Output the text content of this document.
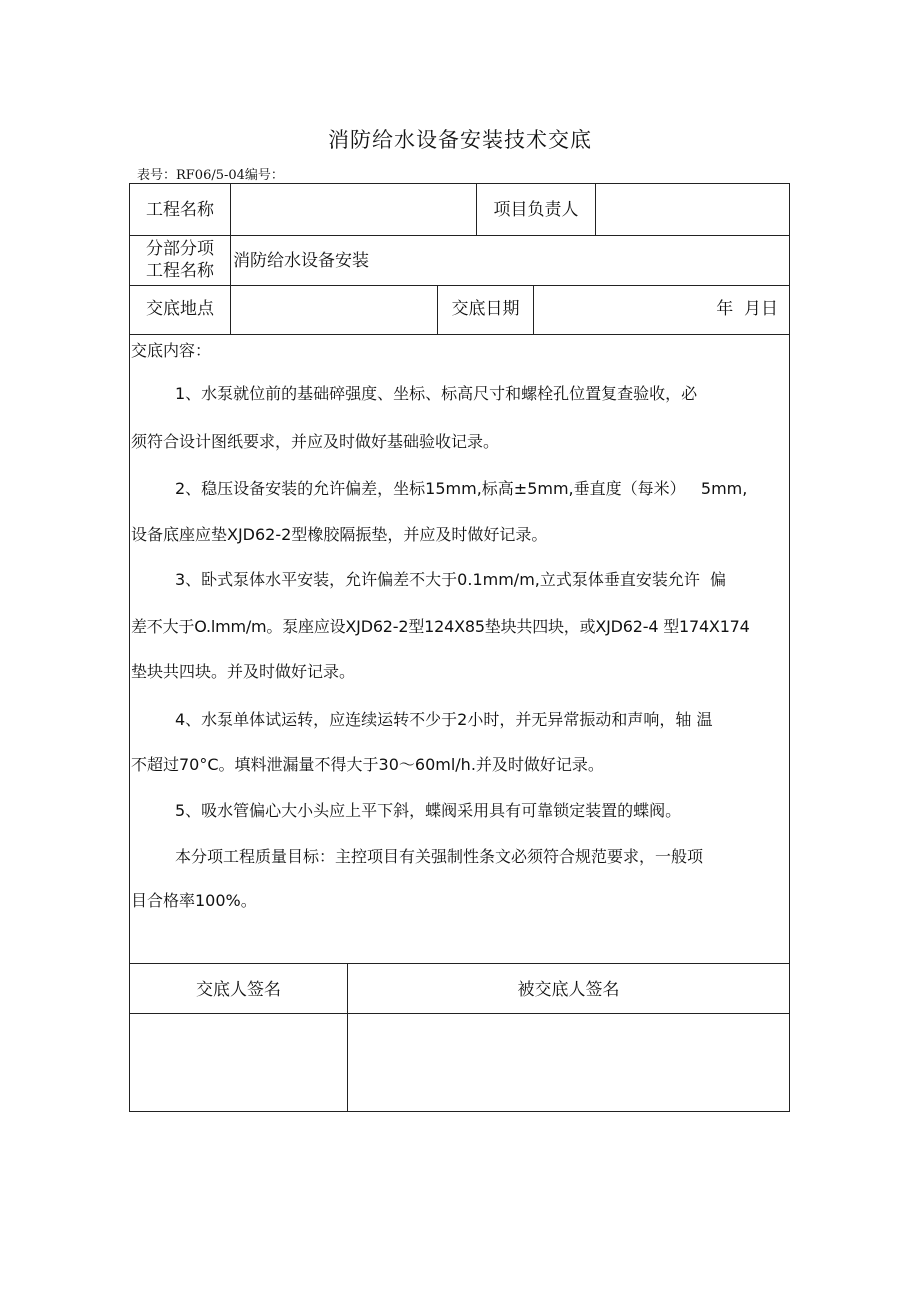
消防给水设备安装技术交底
表号：RF06/5-04编号：
工程名称	项目负责人
分部分项
工程名称	消防给水设备安装
交底地点	交底日期	年  月日
交底内容：
1、水泵就位前的基础碎强度、坐标、标高尺寸和螺栓孔位置复查验收，必
须符合设计图纸要求，并应及时做好基础验收记录。
2、稳压设备安装的允许偏差，坐标15mm,标高±5mm,垂直度（每米）   5mm,
设备底座应垫XJD62-2型橡胶隔振垫，并应及时做好记录。
3、卧式泵体水平安装，允许偏差不大于0.1mm/m,立式泵体垂直安装允许  偏
差不大于O.lmm/m。泵座应设XJD62-2型124X85垫块共四块，或XJD62-4 型174X174
垫块共四块。并及时做好记录。
4、水泵单体试运转，应连续运转不少于2小时，并无异常振动和声响，轴 温
不超过70°C。填料泄漏量不得大于30～60ml/h.并及时做好记录。
5、吸水管偏心大小头应上平下斜，蝶阀采用具有可靠锁定装置的蝶阀。
本分项工程质量目标：主控项目有关强制性条文必须符合规范要求，一般项
目合格率100%。
交底人签名	被交底人签名
